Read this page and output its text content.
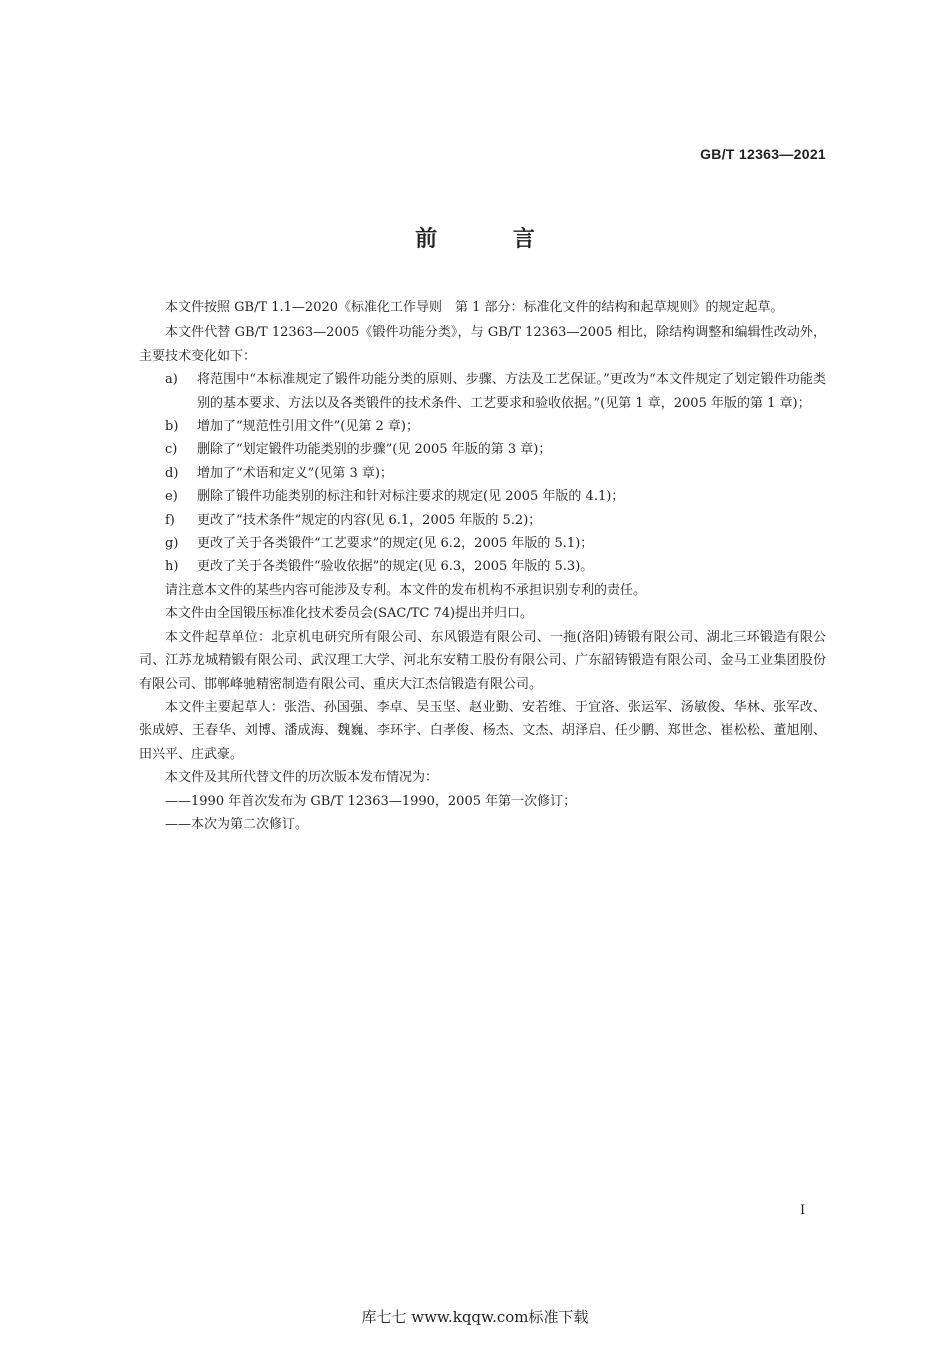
GB/T 12363—2021
前 言

本文件按照 GB/T 1.1—2020《标准化工作导则　第 1 部分：标准化文件的结构和起草规则》的规定起草。

本文件代替 GB/T 12363—2005《锻件功能分类》，与 GB/T 12363—2005 相比，除结构调整和编辑性改动外，主要技术变化如下：

a) 将范围中“本标准规定了锻件功能分类的原则、步骤、方法及工艺保证。”更改为“本文件规定了划定锻件功能类别的基本要求、方法以及各类锻件的技术条件、工艺要求和验收依据。”(见第 1 章，2005 年版的第 1 章)；
b) 增加了“规范性引用文件”(见第 2 章)；
c) 删除了“划定锻件功能类别的步骤”(见 2005 年版的第 3 章)；
d) 增加了“术语和定义”(见第 3 章)；
e) 删除了锻件功能类别的标注和针对标注要求的规定(见 2005 年版的 4.1)；
f) 更改了“技术条件”规定的内容(见 6.1，2005 年版的 5.2)；
g) 更改了关于各类锻件“工艺要求”的规定(见 6.2，2005 年版的 5.1)；
h) 更改了关于各类锻件“验收依据”的规定(见 6.3，2005 年版的 5.3)。

请注意本文件的某些内容可能涉及专利。本文件的发布机构不承担识别专利的责任。

本文件由全国锻压标准化技术委员会(SAC/TC 74)提出并归口。

本文件起草单位：北京机电研究所有限公司、东风锻造有限公司、一拖(洛阳)铸锻有限公司、湖北三环锻造有限公司、江苏龙城精锻有限公司、武汉理工大学、河北东安精工股份有限公司、广东韶铸锻造有限公司、金马工业集团股份有限公司、邯郸峰驰精密制造有限公司、重庆大江杰信锻造有限公司。

本文件主要起草人：张浩、孙国强、李卓、吴玉坚、赵业勤、安若维、于宜洛、张运军、汤敏俊、华林、张军改、张成婷、王春华、刘博、潘成海、魏巍、李环宇、白孝俊、杨杰、文杰、胡泽启、任少鹏、郑世念、崔松松、董旭刚、田兴平、庄武豪。

本文件及其所代替文件的历次版本发布情况为：

——1990 年首次发布为 GB/T 12363—1990，2005 年第一次修订；

——本次为第二次修订。

I
库七七 www.kqqw.com标准下载
